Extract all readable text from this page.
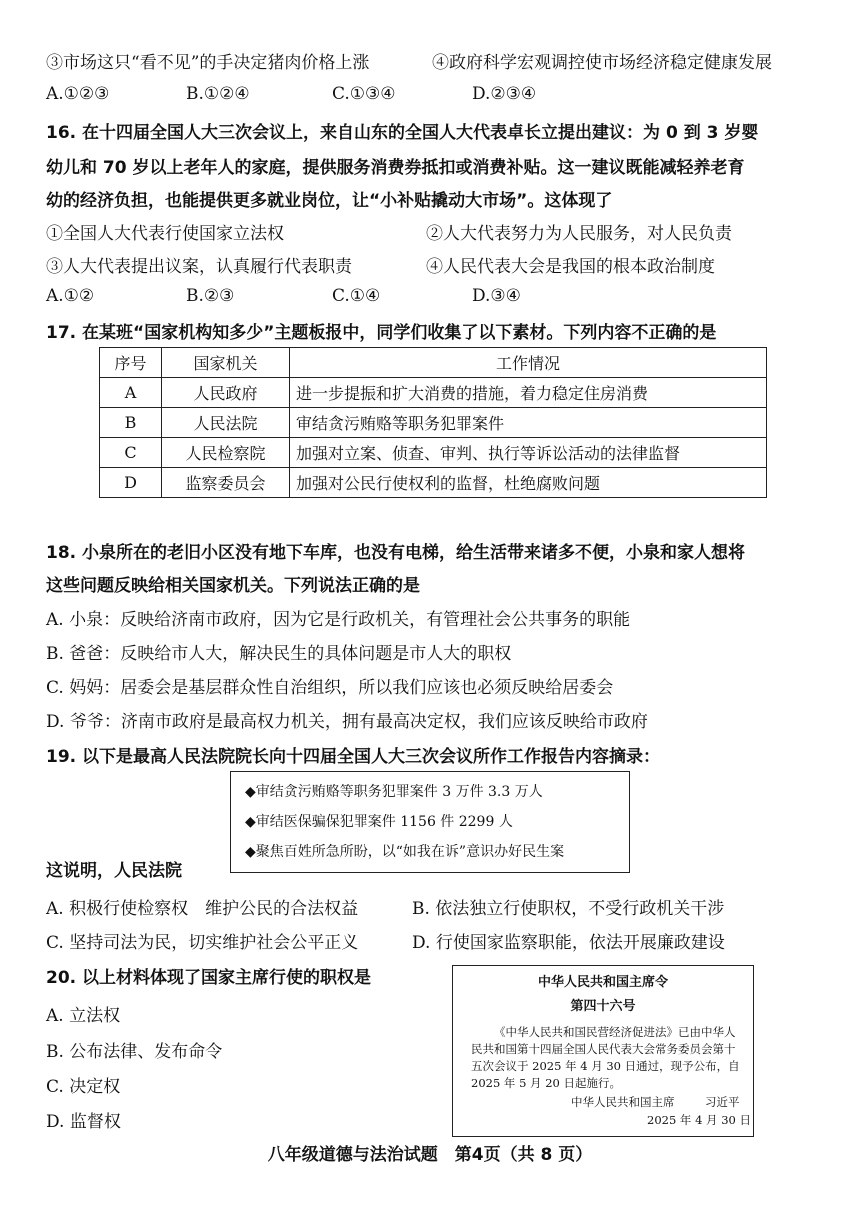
③市场这只“看不见”的手决定猪肉价格上涨	④政府科学宏观调控使市场经济稳定健康发展
A.①②③	B.①②④	C.①③④	D.②③④
16. 在十四届全国人大三次会议上，来自山东的全国人大代表卓长立提出建议：为 0 到 3 岁婴
幼儿和 70 岁以上老年人的家庭，提供服务消费券抵扣或消费补贴。这一建议既能减轻养老育
幼的经济负担，也能提供更多就业岗位，让“小补贴撬动大市场”。这体现了
①全国人大代表行使国家立法权	②人大代表努力为人民服务，对人民负责
③人大代表提出议案，认真履行代表职责	④人民代表大会是我国的根本政治制度
A.①②	B.②③	C.①④	D.③④
17. 在某班“国家机构知多少”主题板报中，同学们收集了以下素材。下列内容不正确的是
序号	国家机关	工作情况
A	人民政府	进一步提振和扩大消费的措施，着力稳定住房消费
B	人民法院	审结贪污贿赂等职务犯罪案件
C	人民检察院	加强对立案、侦查、审判、执行等诉讼活动的法律监督
D	监察委员会	加强对公民行使权利的监督，杜绝腐败问题
18. 小泉所在的老旧小区没有地下车库，也没有电梯，给生活带来诸多不便，小泉和家人想将
这些问题反映给相关国家机关。下列说法正确的是
A. 小泉：反映给济南市政府，因为它是行政机关，有管理社会公共事务的职能
B. 爸爸：反映给市人大，解决民生的具体问题是市人大的职权
C. 妈妈：居委会是基层群众性自治组织，所以我们应该也必须反映给居委会
D. 爷爷：济南市政府是最高权力机关，拥有最高决定权，我们应该反映给市政府
19. 以下是最高人民法院院长向十四届全国人大三次会议所作工作报告内容摘录：
◆审结贪污贿赂等职务犯罪案件 3 万件 3.3 万人
◆审结医保骗保犯罪案件 1156 件 2299 人
◆聚焦百姓所急所盼，以“如我在诉”意识办好民生案
这说明，人民法院
A. 积极行使检察权　维护公民的合法权益	B. 依法独立行使职权，不受行政机关干涉
C. 坚持司法为民，切实维护社会公平正义	D. 行使国家监察职能，依法开展廉政建设
20. 以上材料体现了国家主席行使的职权是
A. 立法权
B. 公布法律、发布命令
C. 决定权
D. 监督权
中华人民共和国主席令
第四十六号
《中华人民共和国民营经济促进法》已由中华人民共和国第十四届全国人民代表大会常务委员会第十五次会议于 2025 年 4 月 30 日通过，现予公布，自 2025 年 5 月 20 日起施行。
中华人民共和国主席	习近平
2025 年 4 月 30 日
八年级道德与法治试题　第4页（共 8 页）
